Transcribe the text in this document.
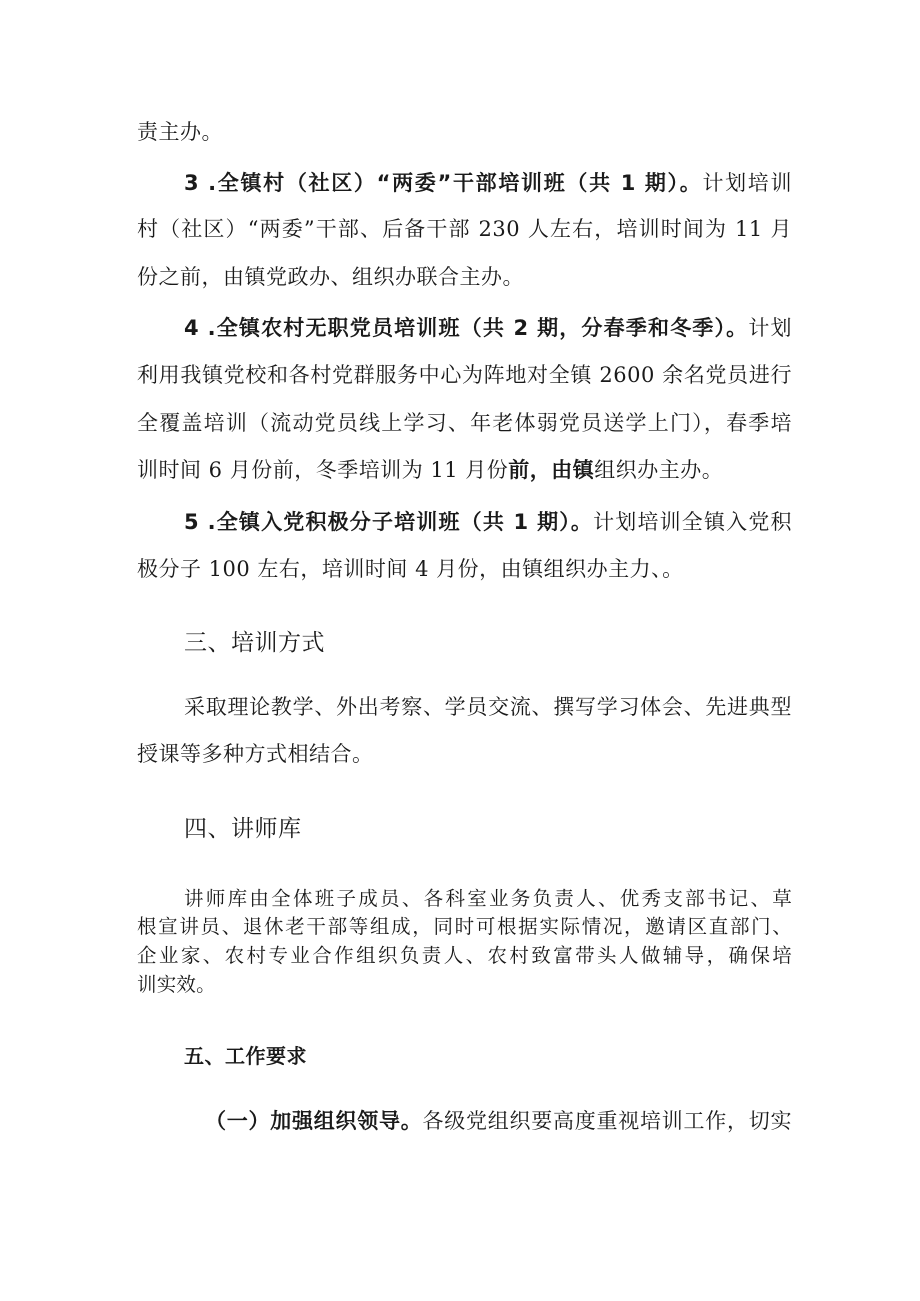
责主办。
3 .全镇村（社区）“两委”干部培训班（共 1 期）。计划培训
村（社区）“两委”干部、后备干部 230 人左右，培训时间为 11 月
份之前，由镇党政办、组织办联合主办。
4 .全镇农村无职党员培训班（共 2 期，分春季和冬季）。计划
利用我镇党校和各村党群服务中心为阵地对全镇 2600 余名党员进行
全覆盖培训（流动党员线上学习、年老体弱党员送学上门），春季培
训时间 6 月份前，冬季培训为 11 月份前，由镇组织办主办。
5 .全镇入党积极分子培训班（共 1 期）。计划培训全镇入党积
极分子 100 左右，培训时间 4 月份，由镇组织办主力、。
三、培训方式
采取理论教学、外出考察、学员交流、撰写学习体会、先进典型
授课等多种方式相结合。
四、讲师库
讲师库由全体班子成员、各科室业务负责人、优秀支部书记、草
根宣讲员、退休老干部等组成，同时可根据实际情况，邀请区直部门、
企业家、农村专业合作组织负责人、农村致富带头人做辅导，确保培
训实效。
五、工作要求
（一）加强组织领导。各级党组织要高度重视培训工作，切实
